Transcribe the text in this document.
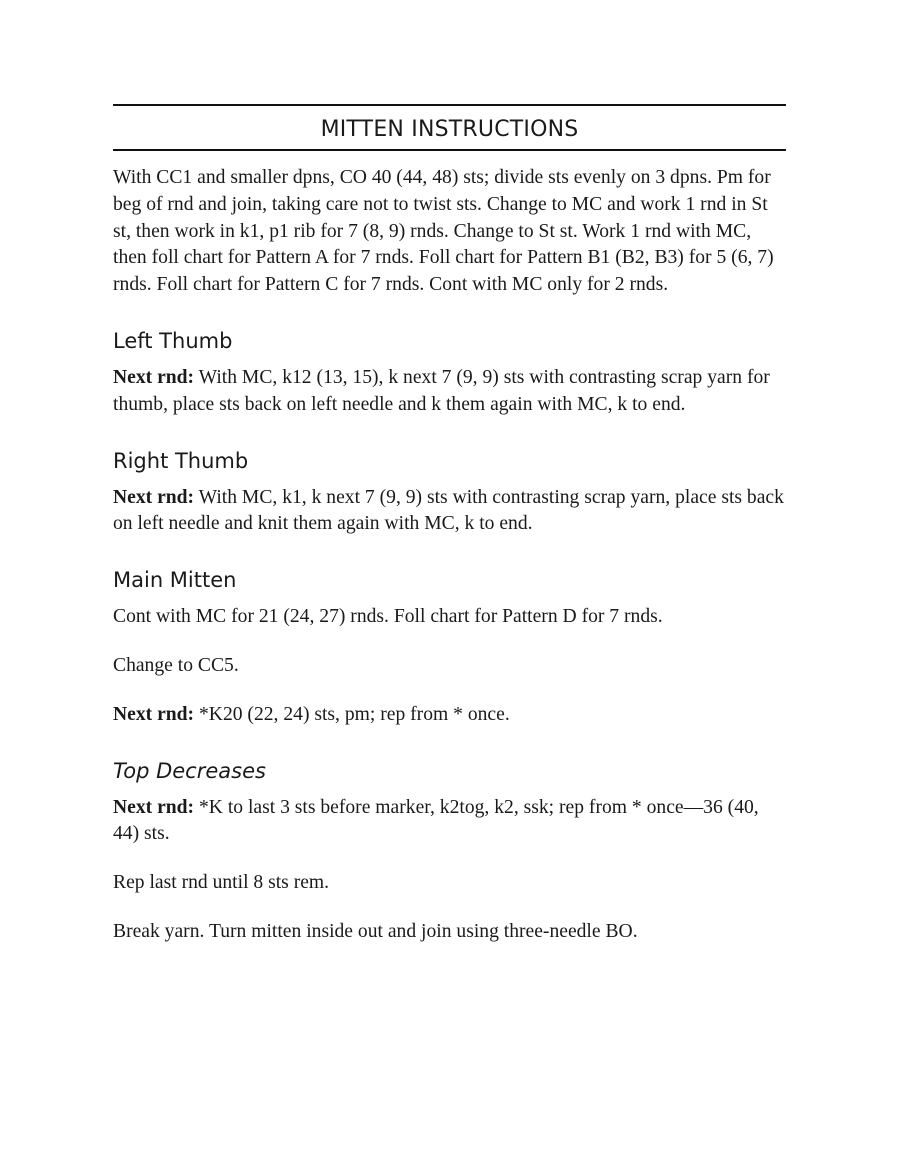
MITTEN INSTRUCTIONS

With CC1 and smaller dpns, CO 40 (44, 48) sts; divide sts evenly on 3 dpns. Pm for beg of rnd and join, taking care not to twist sts. Change to MC and work 1 rnd in St st, then work in k1, p1 rib for 7 (8, 9) rnds. Change to St st. Work 1 rnd with MC, then foll chart for Pattern A for 7 rnds. Foll chart for Pattern B1 (B2, B3) for 5 (6, 7) rnds. Foll chart for Pattern C for 7 rnds. Cont with MC only for 2 rnds.

Left Thumb

Next rnd: With MC, k12 (13, 15), k next 7 (9, 9) sts with contrasting scrap yarn for thumb, place sts back on left needle and k them again with MC, k to end.

Right Thumb

Next rnd: With MC, k1, k next 7 (9, 9) sts with contrasting scrap yarn, place sts back on left needle and knit them again with MC, k to end.

Main Mitten

Cont with MC for 21 (24, 27) rnds. Foll chart for Pattern D for 7 rnds.

Change to CC5.

Next rnd: *K20 (22, 24) sts, pm; rep from * once.

Top Decreases

Next rnd: *K to last 3 sts before marker, k2tog, k2, ssk; rep from * once—36 (40, 44) sts.

Rep last rnd until 8 sts rem.

Break yarn. Turn mitten inside out and join using three-needle BO.
